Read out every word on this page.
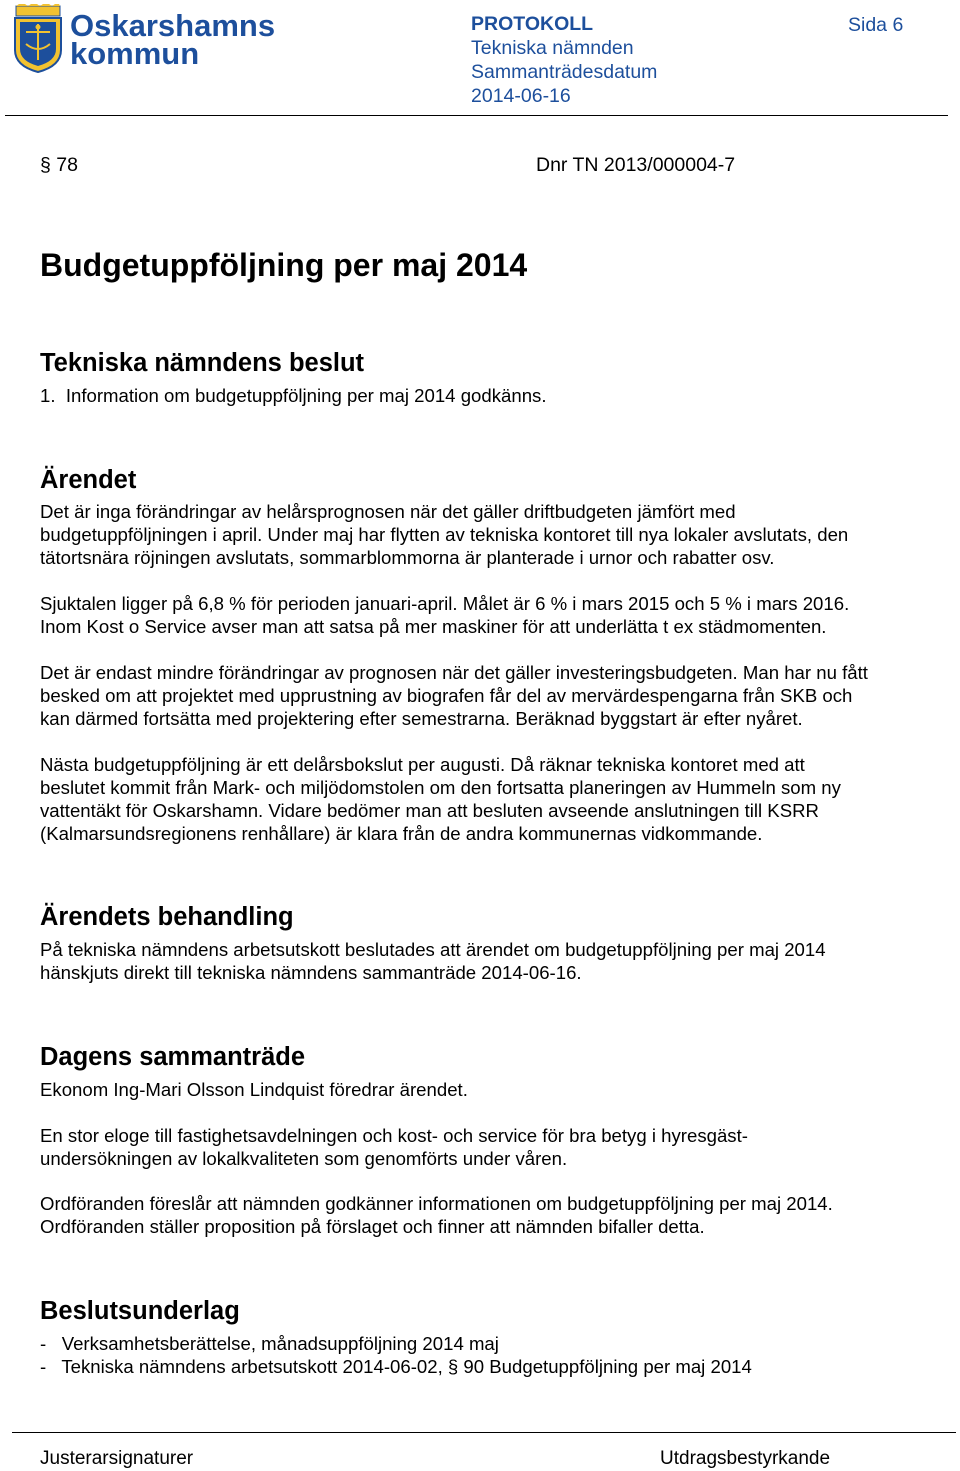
Oskarshamns
kommun
PROTOKOLL
Tekniska nämnden
Sammanträdesdatum
2014-06-16
Sida 6
§ 78	Dnr TN 2013/000004-7
Budgetuppföljning per maj 2014
Tekniska nämndens beslut

1.  Information om budgetuppföljning per maj 2014 godkänns.

Ärendet

Det är inga förändringar av helårsprognosen när det gäller driftbudgeten jämfört med
budgetuppföljningen i april. Under maj har flytten av tekniska kontoret till nya lokaler avslutats, den
tätortsnära röjningen avslutats, sommarblommorna är planterade i urnor och rabatter osv.

Sjuktalen ligger på 6,8 % för perioden januari-april. Målet är 6 % i mars 2015 och 5 % i mars 2016.
Inom Kost o Service avser man att satsa på mer maskiner för att underlätta t ex städmomenten.

Det är endast mindre förändringar av prognosen när det gäller investeringsbudgeten. Man har nu fått
besked om att projektet med upprustning av biografen får del av mervärdespengarna från SKB och
kan därmed fortsätta med projektering efter semestrarna. Beräknad byggstart är efter nyåret.

Nästa budgetuppföljning är ett delårsbokslut per augusti. Då räknar tekniska kontoret med att
beslutet kommit från Mark- och miljödomstolen om den fortsatta planeringen av Hummeln som ny
vattentäkt för Oskarshamn. Vidare bedömer man att besluten avseende anslutningen till KSRR
(Kalmarsundsregionens renhållare) är klara från de andra kommunernas vidkommande.

Ärendets behandling

På tekniska nämndens arbetsutskott beslutades att ärendet om budgetuppföljning per maj 2014
hänskjuts direkt till tekniska nämndens sammanträde 2014-06-16.

Dagens sammanträde

Ekonom Ing-Mari Olsson Lindquist föredrar ärendet.

En stor eloge till fastighetsavdelningen och kost- och service för bra betyg i hyresgäst-
undersökningen av lokalkvaliteten som genomförts under våren.

Ordföranden föreslår att nämnden godkänner informationen om budgetuppföljning per maj 2014.
Ordföranden ställer proposition på förslaget och finner att nämnden bifaller detta.

Beslutsunderlag

-   Verksamhetsberättelse, månadsuppföljning 2014 maj
-   Tekniska nämndens arbetsutskott 2014-06-02, § 90 Budgetuppföljning per maj 2014

Justerarsignaturer	Utdragsbestyrkande
